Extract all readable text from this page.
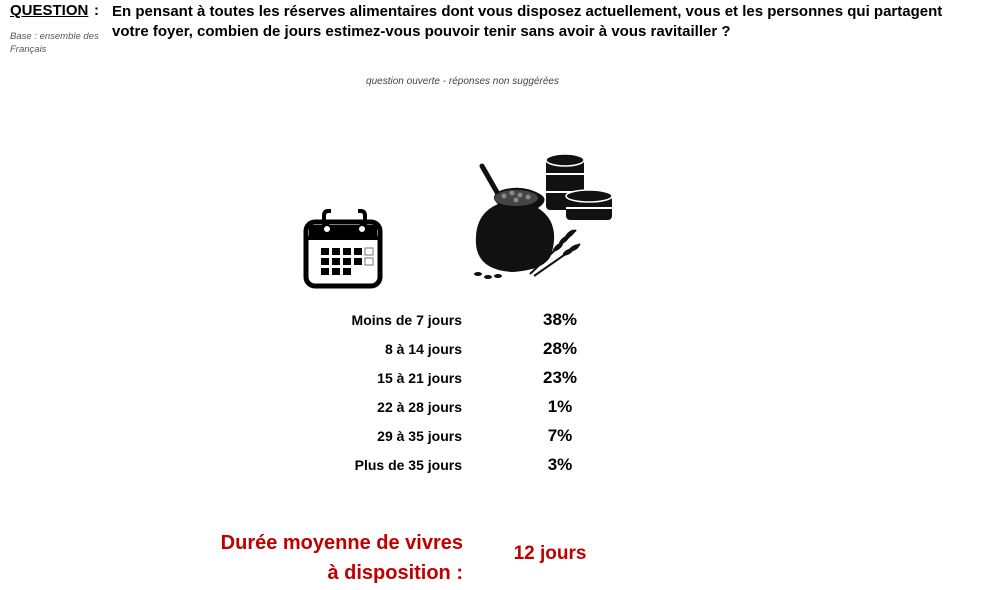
QUESTION : En pensant à toutes les réserves alimentaires dont vous disposez actuellement, vous et les personnes qui partagent votre foyer, combien de jours estimez-vous pouvoir tenir sans avoir à vous ravitailler ?
Base : ensemble des Français
question ouverte - réponses non suggérées
Moins de 7 jours	38%
8 à 14 jours	28%
15 à 21 jours	23%
22 à 28 jours	1%
29 à 35 jours	7%
Plus de 35 jours	3%
Durée moyenne de vivres à disposition :
12 jours
